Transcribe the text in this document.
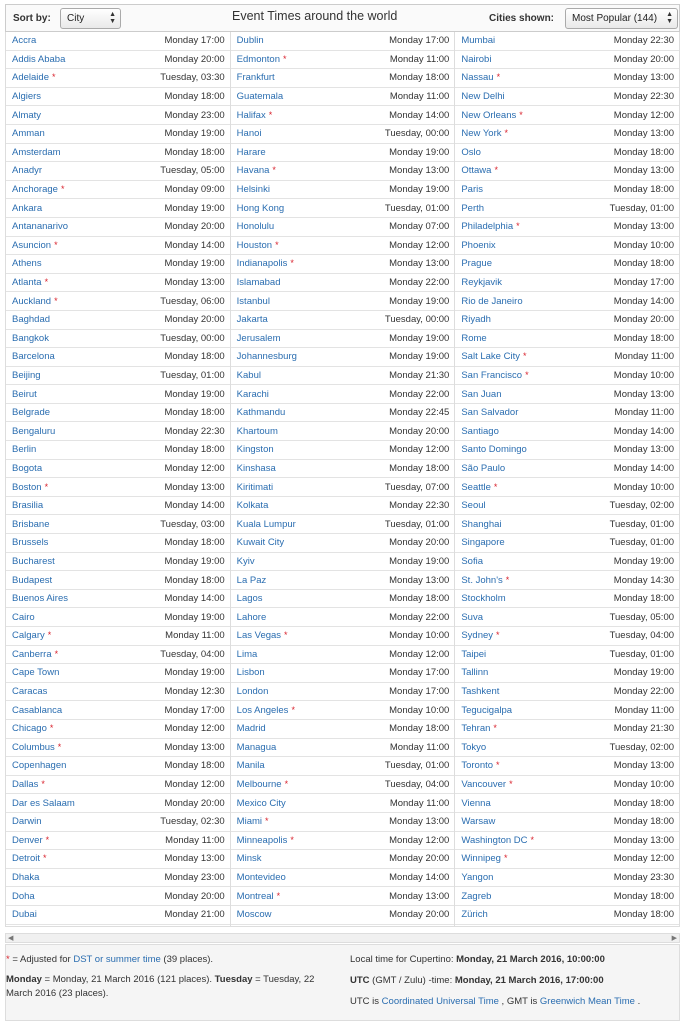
Sort by:	City	▲
▼	Event Times around the world	Cities shown:	Most Popular (144) ▲
▼
Accra	Monday 17:00
Addis Ababa	Monday 20:00
Adelaide *	Tuesday, 03:30
Algiers	Monday 18:00
Almaty	Monday 23:00
Amman	Monday 19:00
Amsterdam	Monday 18:00
Anadyr	Tuesday, 05:00
Anchorage *	Monday 09:00
Ankara	Monday 19:00
Antananarivo	Monday 20:00
Asuncion *	Monday 14:00
Athens	Monday 19:00
Atlanta *	Monday 13:00
Auckland *	Tuesday, 06:00
Baghdad	Monday 20:00
Bangkok	Tuesday, 00:00
Barcelona	Monday 18:00
Beijing	Tuesday, 01:00
Beirut	Monday 19:00
Belgrade	Monday 18:00
Bengaluru	Monday 22:30
Berlin	Monday 18:00
Bogota	Monday 12:00
Boston *	Monday 13:00
Brasilia	Monday 14:00
Brisbane	Tuesday, 03:00
Brussels	Monday 18:00
Bucharest	Monday 19:00
Budapest	Monday 18:00
Buenos Aires	Monday 14:00
Cairo	Monday 19:00
Calgary *	Monday 11:00
Canberra *	Tuesday, 04:00
Cape Town	Monday 19:00
Caracas	Monday 12:30
Casablanca	Monday 17:00
Chicago *	Monday 12:00
Columbus *	Monday 13:00
Copenhagen	Monday 18:00
Dallas *	Monday 12:00
Dar es Salaam	Monday 20:00
Darwin	Tuesday, 02:30
Denver *	Monday 11:00
Detroit *	Monday 13:00
Dhaka	Monday 23:00
Doha	Monday 20:00
Dubai	Monday 21:00
Dublin	Monday 17:00
Edmonton *	Monday 11:00
Frankfurt	Monday 18:00
Guatemala	Monday 11:00
Halifax *	Monday 14:00
Hanoi	Tuesday, 00:00
Harare	Monday 19:00
Havana *	Monday 13:00
Helsinki	Monday 19:00
Hong Kong	Tuesday, 01:00
Honolulu	Monday 07:00
Houston *	Monday 12:00
Indianapolis *	Monday 13:00
Islamabad	Monday 22:00
Istanbul	Monday 19:00
Jakarta	Tuesday, 00:00
Jerusalem	Monday 19:00
Johannesburg	Monday 19:00
Kabul	Monday 21:30
Karachi	Monday 22:00
Kathmandu	Monday 22:45
Khartoum	Monday 20:00
Kingston	Monday 12:00
Kinshasa	Monday 18:00
Kiritimati	Tuesday, 07:00
Kolkata	Monday 22:30
Kuala Lumpur	Tuesday, 01:00
Kuwait City	Monday 20:00
Kyiv	Monday 19:00
La Paz	Monday 13:00
Lagos	Monday 18:00
Lahore	Monday 22:00
Las Vegas *	Monday 10:00
Lima	Monday 12:00
Lisbon	Monday 17:00
London	Monday 17:00
Los Angeles *	Monday 10:00
Madrid	Monday 18:00
Managua	Monday 11:00
Manila	Tuesday, 01:00
Melbourne *	Tuesday, 04:00
Mexico City	Monday 11:00
Miami *	Monday 13:00
Minneapolis *	Monday 12:00
Minsk	Monday 20:00
Montevideo	Monday 14:00
Montreal *	Monday 13:00
Moscow	Monday 20:00
Mumbai	Monday 22:30
Nairobi	Monday 20:00
Nassau *	Monday 13:00
New Delhi	Monday 22:30
New Orleans *	Monday 12:00
New York *	Monday 13:00
Oslo	Monday 18:00
Ottawa *	Monday 13:00
Paris	Monday 18:00
Perth	Tuesday, 01:00
Philadelphia *	Monday 13:00
Phoenix	Monday 10:00
Prague	Monday 18:00
Reykjavik	Monday 17:00
Rio de Janeiro	Monday 14:00
Riyadh	Monday 20:00
Rome	Monday 18:00
Salt Lake City *	Monday 11:00
San Francisco *	Monday 10:00
San Juan	Monday 13:00
San Salvador	Monday 11:00
Santiago	Monday 14:00
Santo Domingo	Monday 13:00
São Paulo	Monday 14:00
Seattle *	Monday 10:00
Seoul	Tuesday, 02:00
Shanghai	Tuesday, 01:00
Singapore	Tuesday, 01:00
Sofia	Monday 19:00
St. John's *	Monday 14:30
Stockholm	Monday 18:00
Suva	Tuesday, 05:00
Sydney *	Tuesday, 04:00
Taipei	Tuesday, 01:00
Tallinn	Monday 19:00
Tashkent	Monday 22:00
Tegucigalpa	Monday 11:00
Tehran *	Monday 21:30
Tokyo	Tuesday, 02:00
Toronto *	Monday 13:00
Vancouver *	Monday 10:00
Vienna	Monday 18:00
Warsaw	Monday 18:00
Washington DC *	Monday 13:00
Winnipeg *	Monday 12:00
Yangon	Monday 23:30
Zagreb	Monday 18:00
Zürich	Monday 18:00
◀	▶

* = Adjusted for DST or summer time (39 places).

Monday = Monday, 21 March 2016 (121 places). Tuesday = Tuesday, 22 March 2016 (23 places).

Local time for Cupertino: Monday, 21 March 2016, 10:00:00

UTC (GMT / Zulu) -time: Monday, 21 March 2016, 17:00:00

UTC is Coordinated Universal Time , GMT is Greenwich Mean Time .
